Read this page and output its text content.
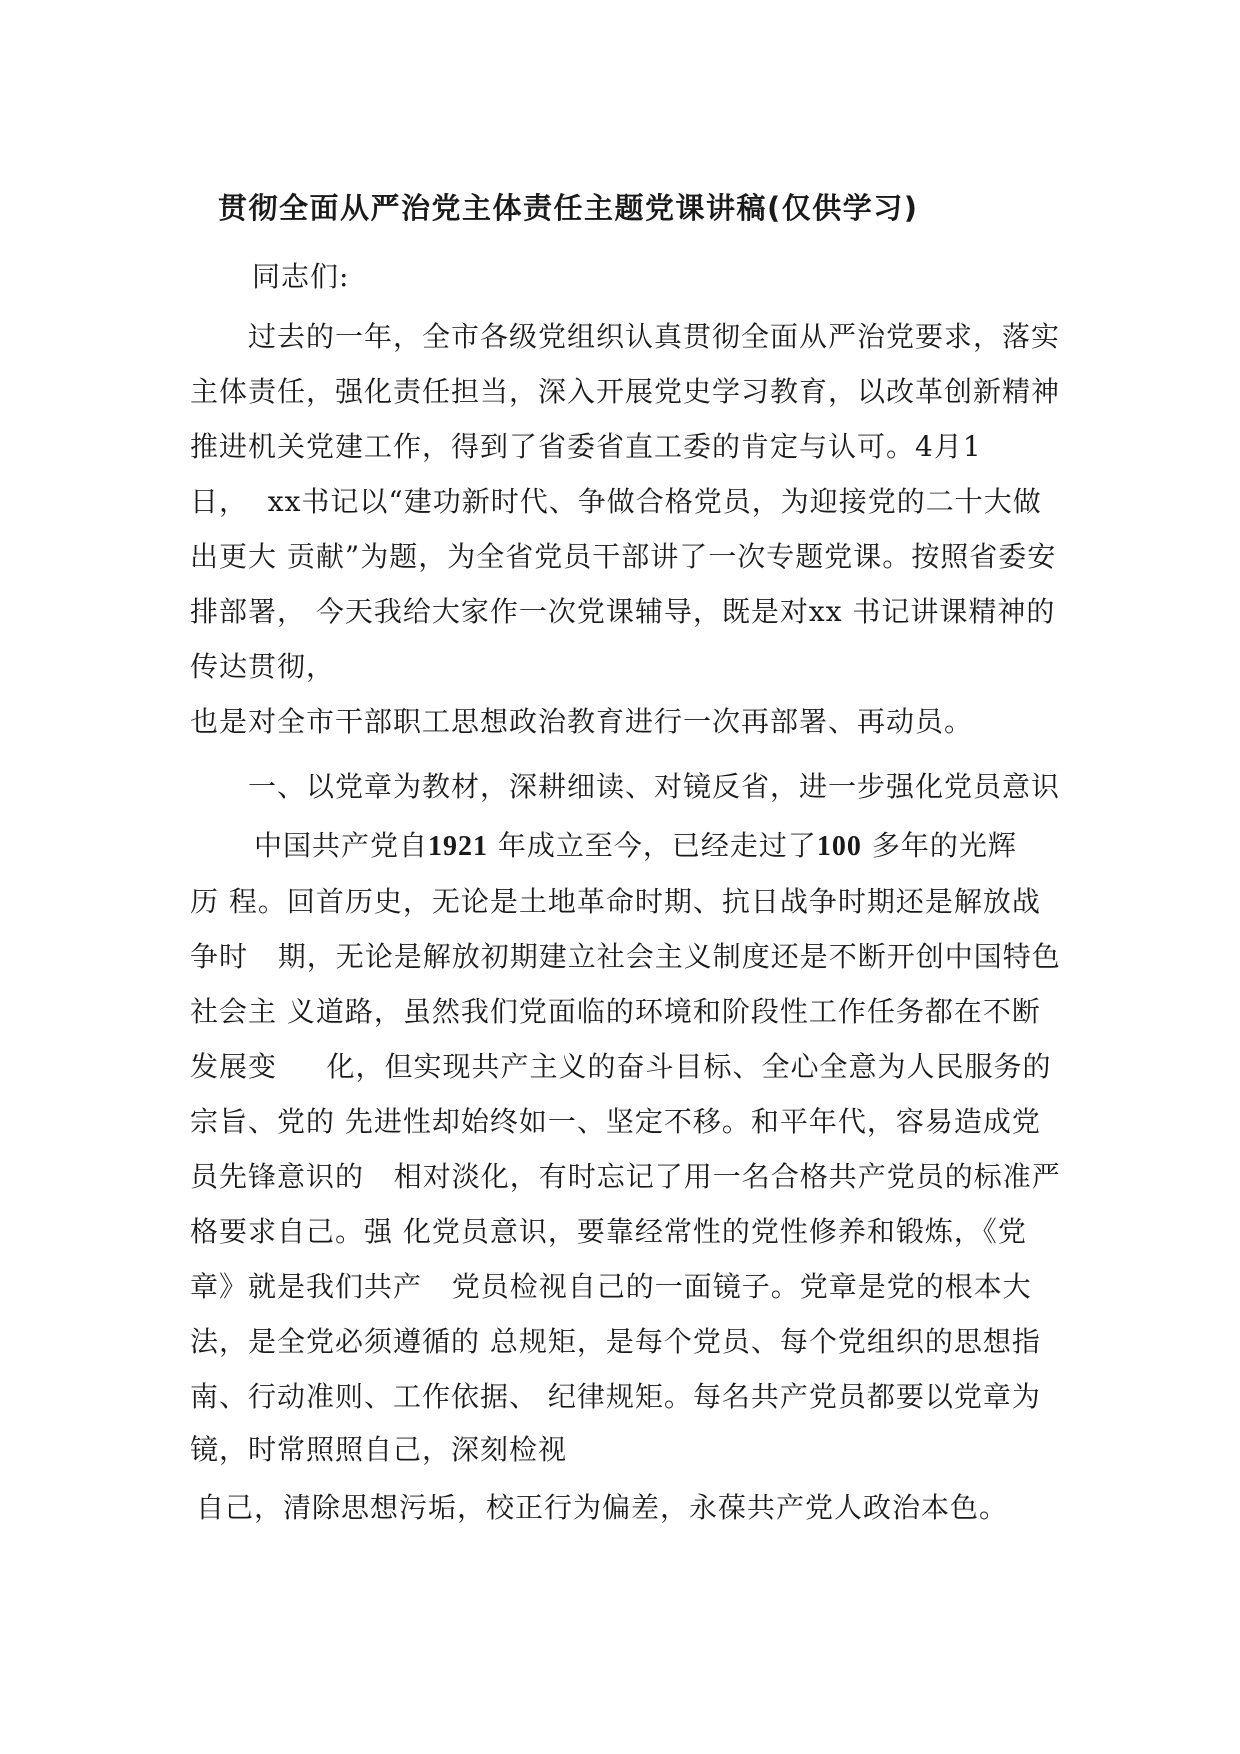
贯彻全面从严治党主体责任主题党课讲稿(仅供学习)
同志们:
过去的一年，全市各级党组织认真贯彻全面从严治党要求，落实
主体责任，强化责任担当，深入开展党史学习教育，以改革创新精神
推进机关党建工作，得到了省委省直工委的肯定与认可。4月1
日，  xx书记以“建功新时代、争做合格党员，为迎接党的二十大做
出更大 贡献”为题，为全省党员干部讲了一次专题党课。按照省委安
排部署， 今天我给大家作一次党课辅导，既是对xx 书记讲课精神的
传达贯彻，
也是对全市干部职工思想政治教育进行一次再部署、再动员。
一、以党章为教材，深耕细读、对镜反省，进一步强化党员意识
中国共产党自1921 年成立至今，已经走过了100 多年的光辉
历 程。回首历史，无论是土地革命时期、抗日战争时期还是解放战
争时   期，无论是解放初期建立社会主义制度还是不断开创中国特色
社会主 义道路，虽然我们党面临的环境和阶段性工作任务都在不断
发展变     化，但实现共产主义的奋斗目标、全心全意为人民服务的
宗旨、党的 先进性却始终如一、坚定不移。和平年代，容易造成党
员先锋意识的   相对淡化，有时忘记了用一名合格共产党员的标准严
格要求自己。强 化党员意识，要靠经常性的党性修养和锻炼，《党
章》就是我们共产   党员检视自己的一面镜子。党章是党的根本大
法，是全党必须遵循的 总规矩，是每个党员、每个党组织的思想指
南、行动准则、工作依据、 纪律规矩。每名共产党员都要以党章为
镜，时常照照自己，深刻检视
自己，清除思想污垢，校正行为偏差，永葆共产党人政治本色。
